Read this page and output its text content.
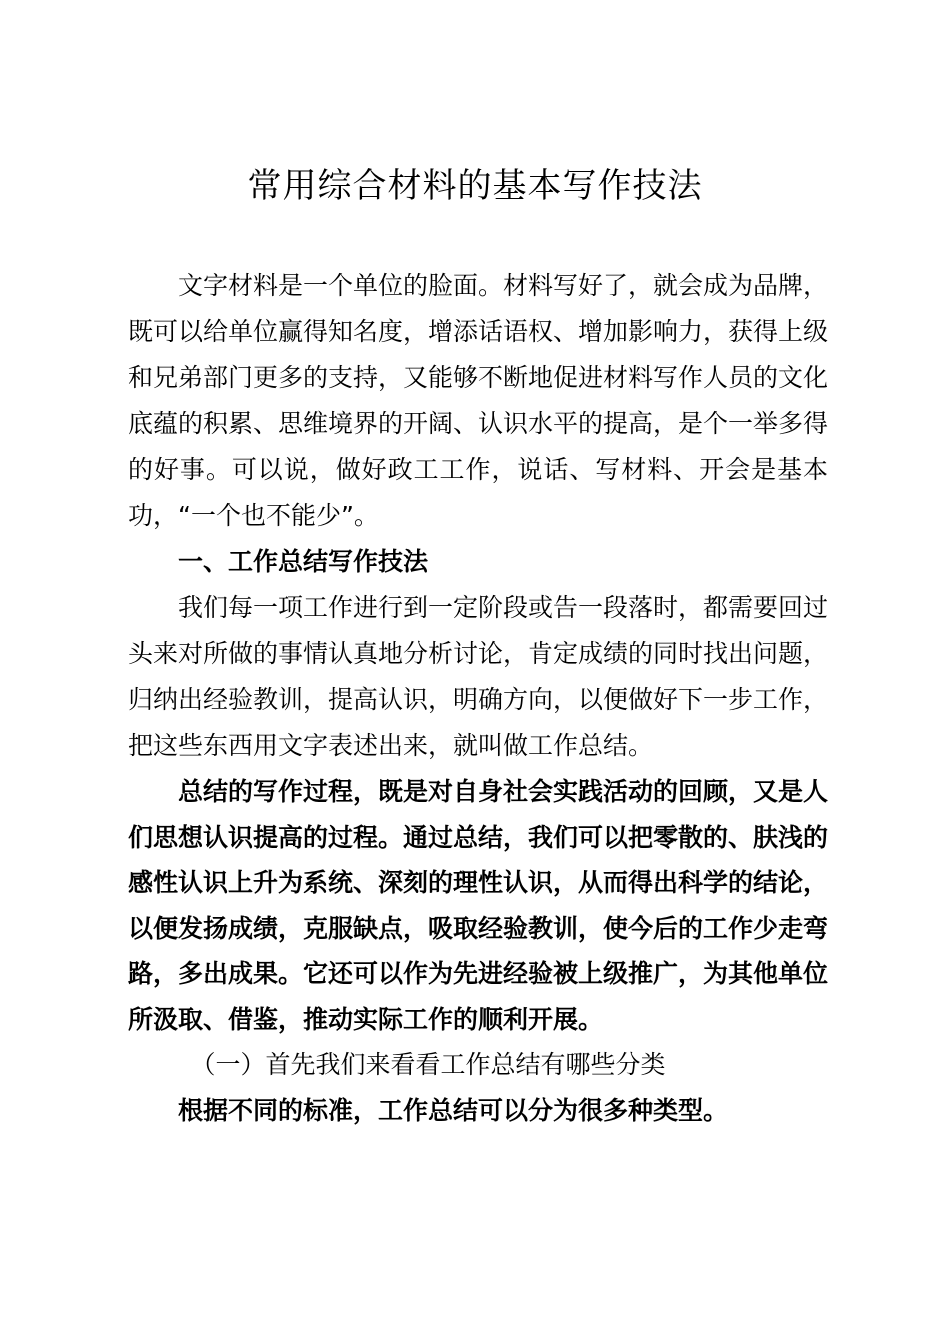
常用综合材料的基本写作技法

文字材料是一个单位的脸面。材料写好了，就会成为品牌，既可以给单位赢得知名度，增添话语权、增加影响力，获得上级和兄弟部门更多的支持，又能够不断地促进材料写作人员的文化底蕴的积累、思维境界的开阔、认识水平的提高，是个一举多得的好事。可以说，做好政工工作，说话、写材料、开会是基本功，“一个也不能少”。

一、工作总结写作技法

我们每一项工作进行到一定阶段或告一段落时，都需要回过头来对所做的事情认真地分析讨论，肯定成绩的同时找出问题，归纳出经验教训，提高认识，明确方向，以便做好下一步工作，把这些东西用文字表述出来，就叫做工作总结。

总结的写作过程，既是对自身社会实践活动的回顾，又是人们思想认识提高的过程。通过总结，我们可以把零散的、肤浅的感性认识上升为系统、深刻的理性认识，从而得出科学的结论，以便发扬成绩，克服缺点，吸取经验教训，使今后的工作少走弯路，多出成果。它还可以作为先进经验被上级推广，为其他单位所汲取、借鉴，推动实际工作的顺利开展。

（一）首先我们来看看工作总结有哪些分类

根据不同的标准，工作总结可以分为很多种类型。
